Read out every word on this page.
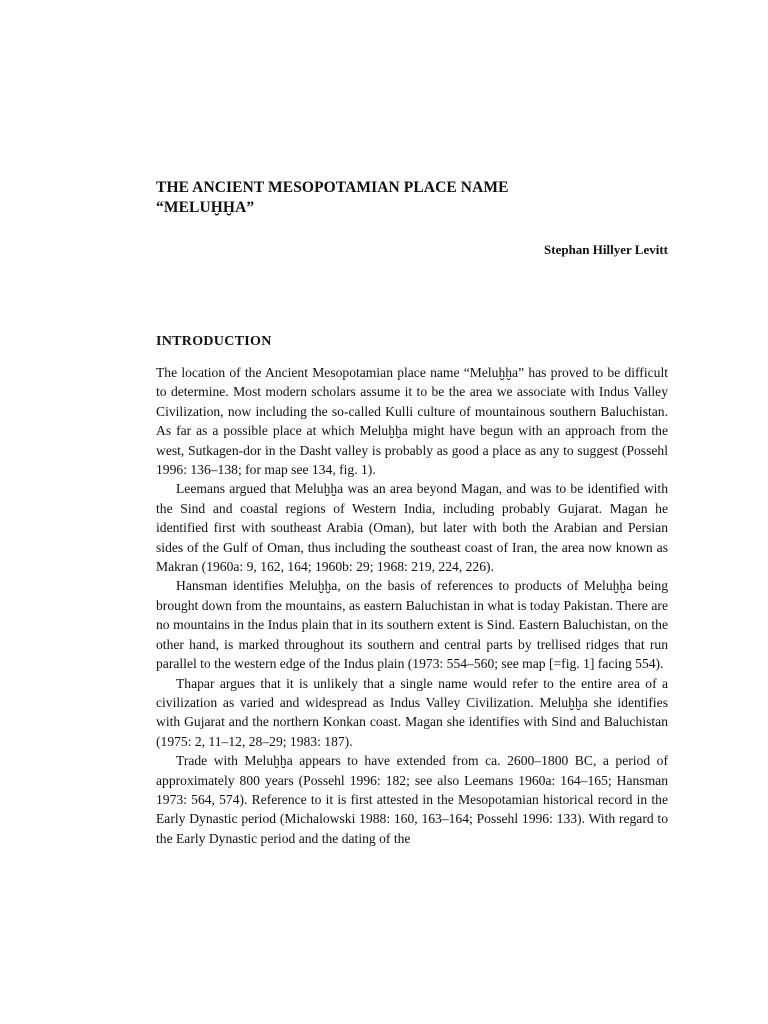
THE ANCIENT MESOPOTAMIAN PLACE NAME
“MELUḪḪA”

Stephan Hillyer Levitt

INTRODUCTION

The location of the Ancient Mesopotamian place name “Meluḫḫa” has proved to be difficult to determine. Most modern scholars assume it to be the area we associate with Indus Valley Civilization, now including the so-called Kulli culture of mountainous southern Baluchistan. As far as a possible place at which Meluḫḫa might have begun with an approach from the west, Sutkagen-dor in the Dasht valley is probably as good a place as any to suggest (Possehl 1996: 136–138; for map see 134, fig. 1).

Leemans argued that Meluḫḫa was an area beyond Magan, and was to be identified with the Sind and coastal regions of Western India, including probably Gujarat. Magan he identified first with southeast Arabia (Oman), but later with both the Arabian and Persian sides of the Gulf of Oman, thus including the southeast coast of Iran, the area now known as Makran (1960a: 9, 162, 164; 1960b: 29; 1968: 219, 224, 226).

Hansman identifies Meluḫḫa, on the basis of references to products of Meluḫḫa being brought down from the mountains, as eastern Baluchistan in what is today Pakistan. There are no mountains in the Indus plain that in its southern extent is Sind. Eastern Baluchistan, on the other hand, is marked throughout its southern and central parts by trellised ridges that run parallel to the western edge of the Indus plain (1973: 554–560; see map [=fig. 1] facing 554).

Thapar argues that it is unlikely that a single name would refer to the entire area of a civilization as varied and widespread as Indus Valley Civilization. Meluḫḫa she identifies with Gujarat and the northern Konkan coast. Magan she identifies with Sind and Baluchistan (1975: 2, 11–12, 28–29; 1983: 187).

Trade with Meluḫḫa appears to have extended from ca. 2600–1800 BC, a period of approximately 800 years (Possehl 1996: 182; see also Leemans 1960a: 164–165; Hansman 1973: 564, 574). Reference to it is first attested in the Mesopotamian historical record in the Early Dynastic period (Michalowski 1988: 160, 163–164; Possehl 1996: 133). With regard to the Early Dynastic period and the dating of the
